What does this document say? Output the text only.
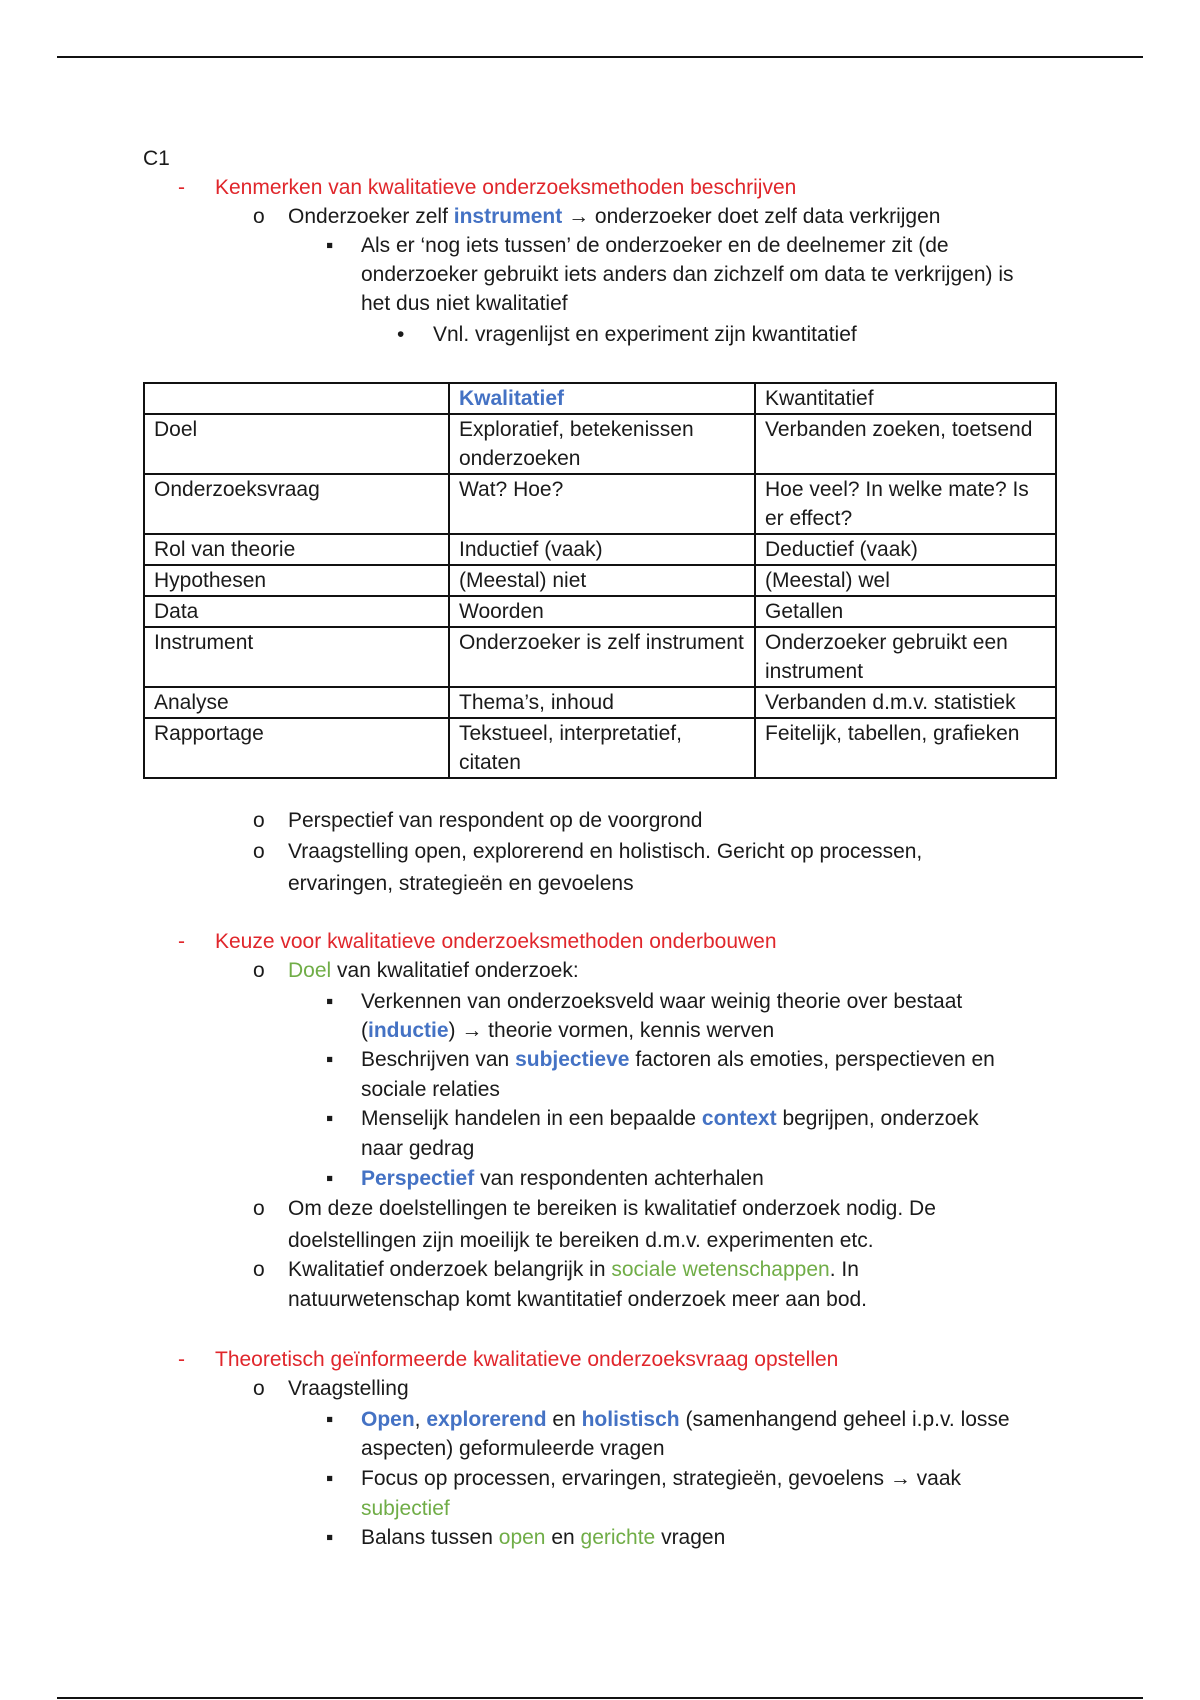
C1
- Kenmerken van kwalitatieve onderzoeksmethoden beschrijven
o Onderzoeker zelf instrument → onderzoeker doet zelf data verkrijgen
▪ Als er ‘nog iets tussen’ de onderzoeker en de deelnemer zit (de
onderzoeker gebruikt iets anders dan zichzelf om data te verkrijgen) is
het dus niet kwalitatief
• Vnl. vragenlijst en experiment zijn kwantitatief
	Kwalitatief	Kwantitatief
Doel	Exploratief, betekenissen onderzoeken	Verbanden zoeken, toetsend
Onderzoeksvraag	Wat? Hoe?	Hoe veel? In welke mate? Is er effect?
Rol van theorie	Inductief (vaak)	Deductief (vaak)
Hypothesen	(Meestal) niet	(Meestal) wel
Data	Woorden	Getallen
Instrument	Onderzoeker is zelf instrument	Onderzoeker gebruikt een instrument
Analyse	Thema’s, inhoud	Verbanden d.m.v. statistiek
Rapportage	Tekstueel, interpretatief, citaten	Feitelijk, tabellen, grafieken
o Perspectief van respondent op de voorgrond
o Vraagstelling open, explorerend en holistisch. Gericht op processen,
ervaringen, strategieën en gevoelens
- Keuze voor kwalitatieve onderzoeksmethoden onderbouwen
o Doel van kwalitatief onderzoek:
▪ Verkennen van onderzoeksveld waar weinig theorie over bestaat
(inductie) → theorie vormen, kennis werven
▪ Beschrijven van subjectieve factoren als emoties, perspectieven en
sociale relaties
▪ Menselijk handelen in een bepaalde context begrijpen, onderzoek
naar gedrag
▪ Perspectief van respondenten achterhalen
o Om deze doelstellingen te bereiken is kwalitatief onderzoek nodig. De
doelstellingen zijn moeilijk te bereiken d.m.v. experimenten etc.
o Kwalitatief onderzoek belangrijk in sociale wetenschappen. In
natuurwetenschap komt kwantitatief onderzoek meer aan bod.
- Theoretisch geïnformeerde kwalitatieve onderzoeksvraag opstellen
o Vraagstelling
▪ Open, explorerend en holistisch (samenhangend geheel i.p.v. losse
aspecten) geformuleerde vragen
▪ Focus op processen, ervaringen, strategieën, gevoelens → vaak
subjectief
▪ Balans tussen open en gerichte vragen
